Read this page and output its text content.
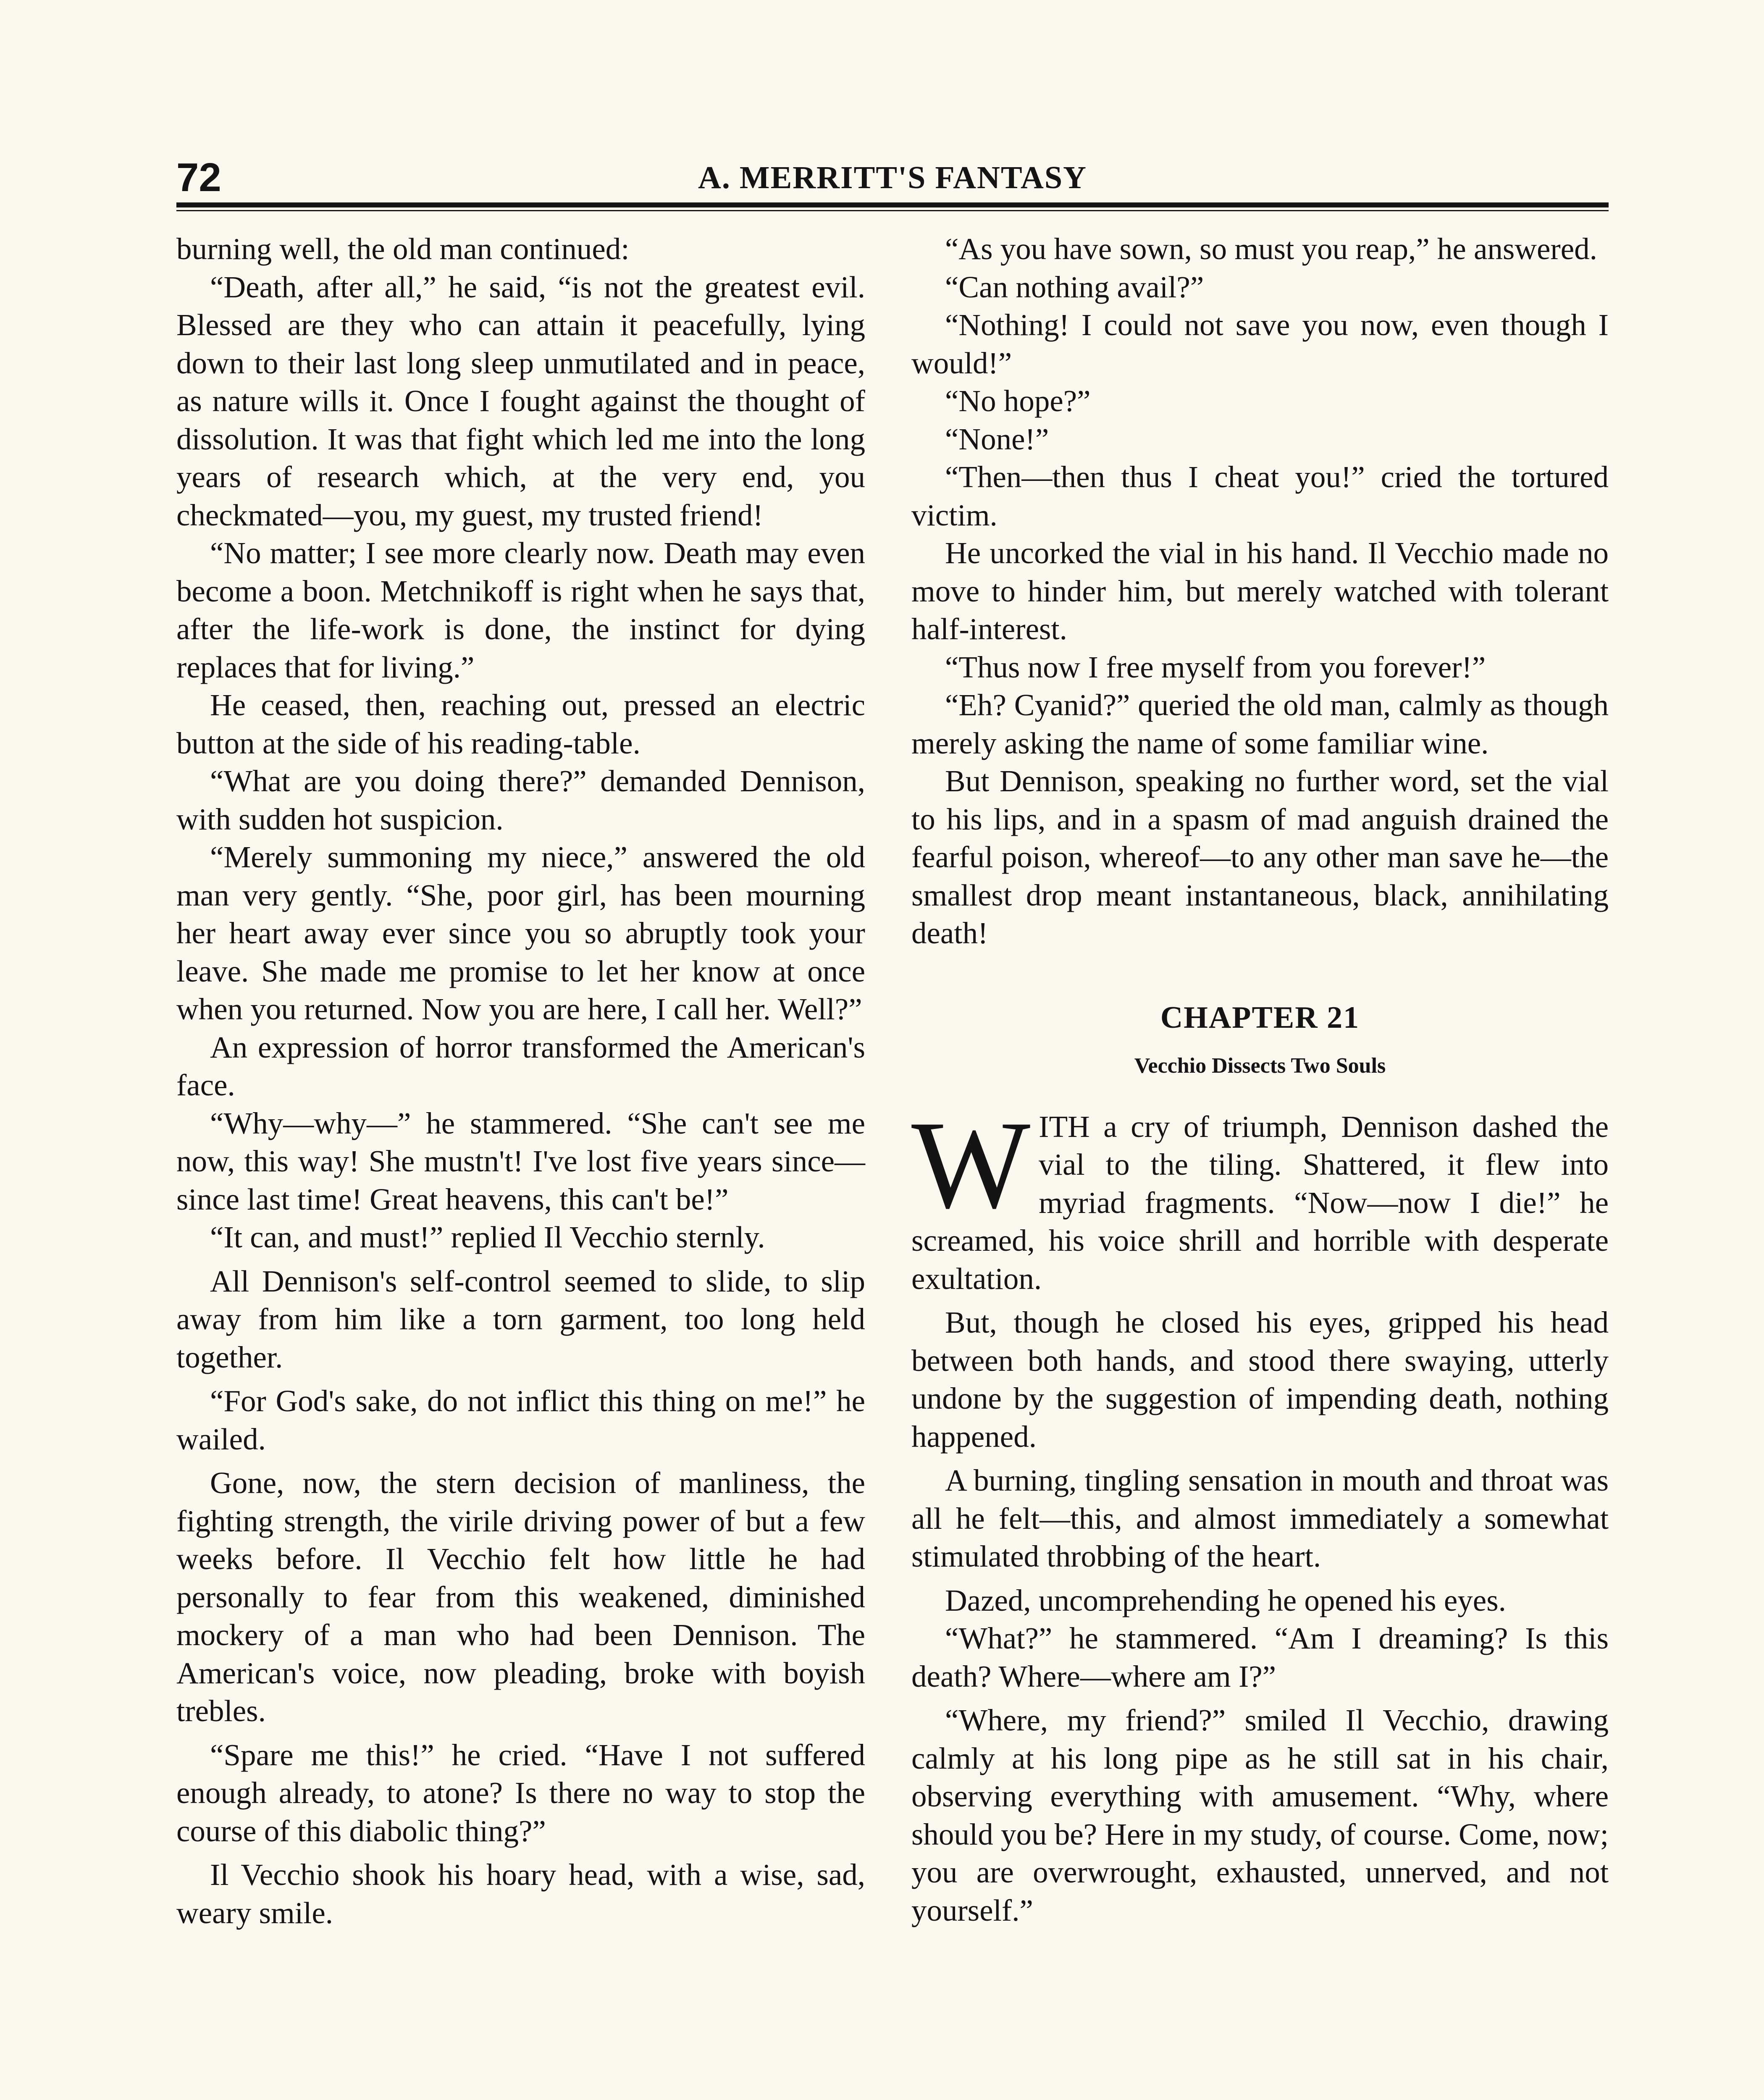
72	A. MERRITT'S FANTASY

burning well, the old man continued:

“Death, after all,” he said, “is not the greatest evil. Blessed are they who can attain it peacefully, lying down to their last long sleep unmutilated and in peace, as nature wills it. Once I fought against the thought of dissolution. It was that fight which led me into the long years of research which, at the very end, you checkmated—you, my guest, my trusted friend!

“No matter; I see more clearly now. Death may even become a boon. Metchnikoff is right when he says that, after the life-work is done, the instinct for dying replaces that for living.”

He ceased, then, reaching out, pressed an electric button at the side of his reading-table.

“What are you doing there?” demanded Dennison, with sudden hot suspicion.

“Merely summoning my niece,” answered the old man very gently. “She, poor girl, has been mourning her heart away ever since you so abruptly took your leave. She made me promise to let her know at once when you returned. Now you are here, I call her. Well?”

An expression of horror transformed the American's face.

“Why—why—” he stammered. “She can't see me now, this way! She mustn't! I've lost five years since—since last time! Great heavens, this can't be!”

“It can, and must!” replied Il Vecchio sternly.

All Dennison's self-control seemed to slide, to slip away from him like a torn garment, too long held together.

“For God's sake, do not inflict this thing on me!” he wailed.

Gone, now, the stern decision of manliness, the fighting strength, the virile driving power of but a few weeks before. Il Vecchio felt how little he had personally to fear from this weakened, diminished mockery of a man who had been Dennison. The American's voice, now pleading, broke with boyish trebles.

“Spare me this!” he cried. “Have I not suffered enough already, to atone? Is there no way to stop the course of this diabolic thing?”

Il Vecchio shook his hoary head, with a wise, sad, weary smile.

“As you have sown, so must you reap,” he answered.

“Can nothing avail?”

“Nothing! I could not save you now, even though I would!”

“No hope?”

“None!”

“Then—then thus I cheat you!” cried the tortured victim.

He uncorked the vial in his hand. Il Vecchio made no move to hinder him, but merely watched with tolerant half-interest.

“Thus now I free myself from you forever!”

“Eh? Cyanid?” queried the old man, calmly as though merely asking the name of some familiar wine.

But Dennison, speaking no further word, set the vial to his lips, and in a spasm of mad anguish drained the fearful poison, whereof—to any other man save he—the smallest drop meant instantaneous, black, annihilating death!

CHAPTER 21
Vecchio Dissects Two Souls

WITH a cry of triumph, Dennison dashed the vial to the tiling. Shattered, it flew into myriad fragments. “Now—now I die!” he screamed, his voice shrill and horrible with desperate exultation.

But, though he closed his eyes, gripped his head between both hands, and stood there swaying, utterly undone by the suggestion of impending death, nothing happened.

A burning, tingling sensation in mouth and throat was all he felt—this, and almost immediately a somewhat stimulated throbbing of the heart.

Dazed, uncomprehending he opened his eyes.

“What?” he stammered. “Am I dreaming? Is this death? Where—where am I?”

“Where, my friend?” smiled Il Vecchio, drawing calmly at his long pipe as he still sat in his chair, observing everything with amusement. “Why, where should you be? Here in my study, of course. Come, now; you are overwrought, exhausted, unnerved, and not yourself.”
